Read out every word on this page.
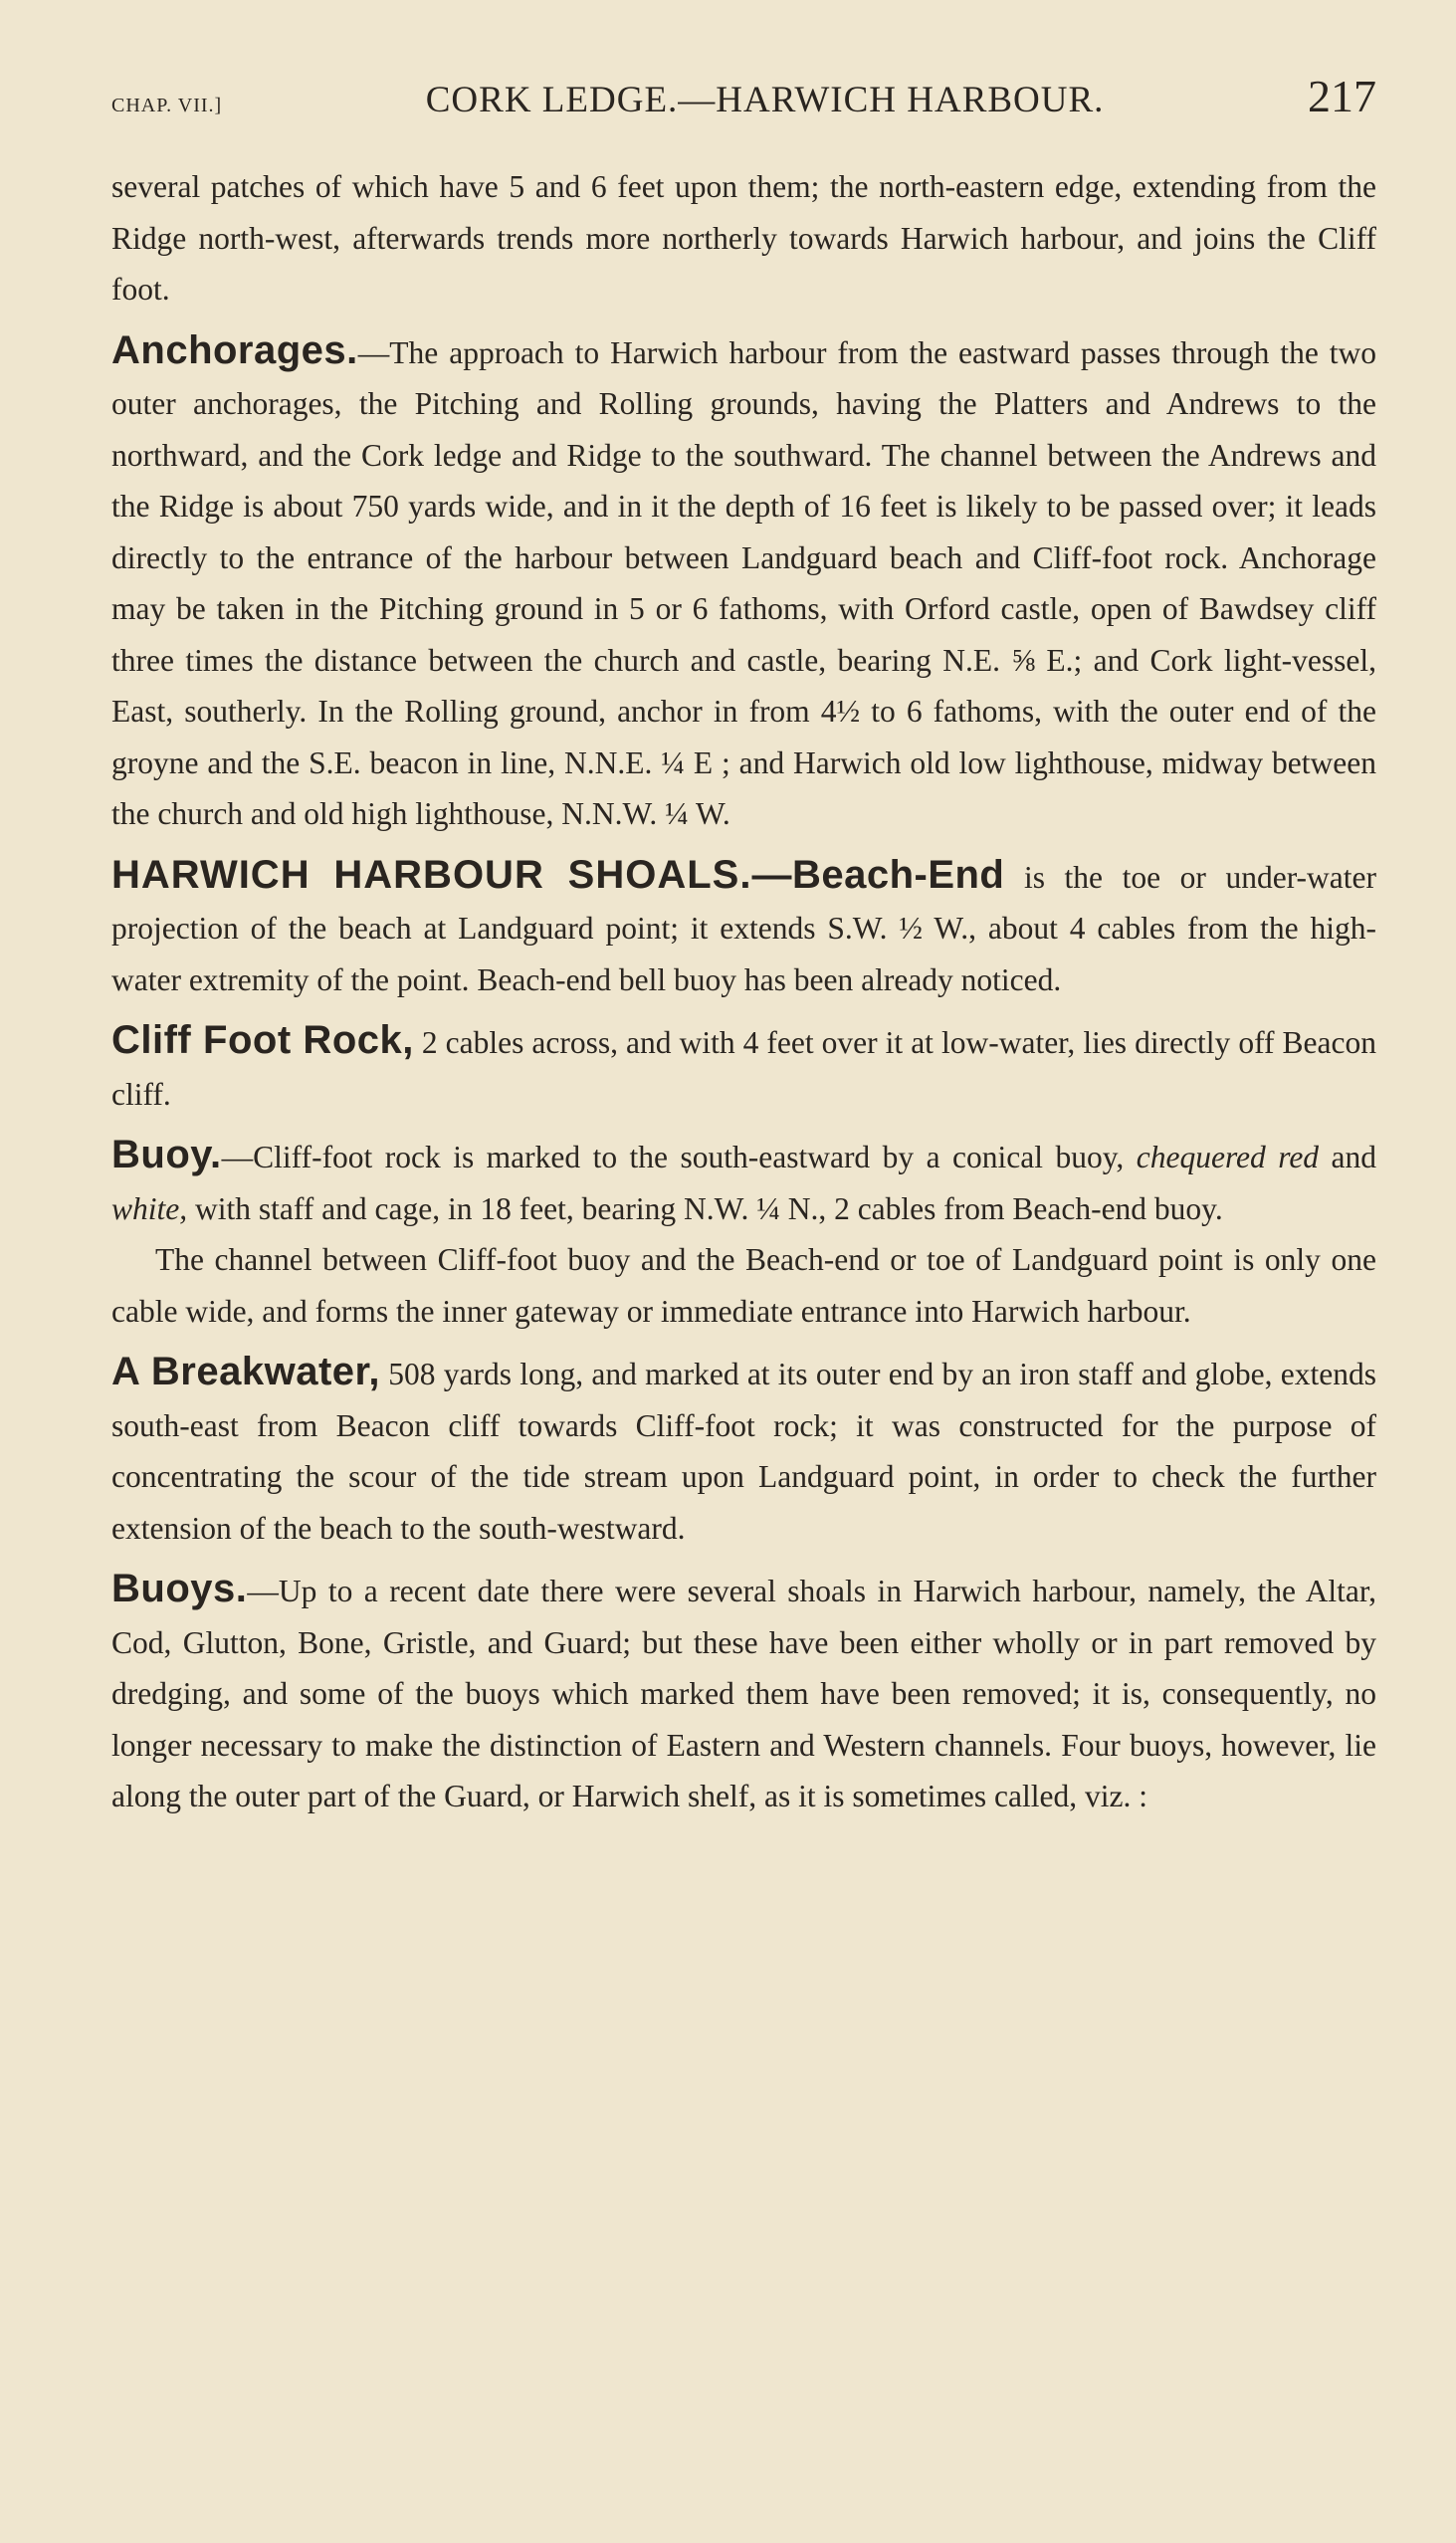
CHAP. VII.]	CORK LEDGE.—HARWICH HARBOUR.	217

several patches of which have 5 and 6 feet upon them; the north-eastern edge, extending from the Ridge north-west, afterwards trends more northerly towards Harwich harbour, and joins the Cliff foot.

Anchorages.—The approach to Harwich harbour from the eastward passes through the two outer anchorages, the Pitching and Rolling grounds, having the Platters and Andrews to the northward, and the Cork ledge and Ridge to the southward. The channel between the Andrews and the Ridge is about 750 yards wide, and in it the depth of 16 feet is likely to be passed over; it leads directly to the entrance of the harbour between Landguard beach and Cliff-foot rock. Anchorage may be taken in the Pitching ground in 5 or 6 fathoms, with Orford castle, open of Bawdsey cliff three times the distance between the church and castle, bearing N.E. ⅝ E.; and Cork light-vessel, East, southerly. In the Rolling ground, anchor in from 4½ to 6 fathoms, with the outer end of the groyne and the S.E. beacon in line, N.N.E. ¼ E ; and Harwich old low lighthouse, midway between the church and old high lighthouse, N.N.W. ¼ W.

HARWICH HARBOUR SHOALS.—Beach-End is the toe or under-water projection of the beach at Landguard point; it extends S.W. ½ W., about 4 cables from the high-water extremity of the point. Beach-end bell buoy has been already noticed.

Cliff Foot Rock, 2 cables across, and with 4 feet over it at low-water, lies directly off Beacon cliff.

Buoy.—Cliff-foot rock is marked to the south-eastward by a conical buoy, chequered red and white, with staff and cage, in 18 feet, bearing N.W. ¼ N., 2 cables from Beach-end buoy.

The channel between Cliff-foot buoy and the Beach-end or toe of Landguard point is only one cable wide, and forms the inner gateway or immediate entrance into Harwich harbour.

A Breakwater, 508 yards long, and marked at its outer end by an iron staff and globe, extends south-east from Beacon cliff towards Cliff-foot rock; it was constructed for the purpose of concentrating the scour of the tide stream upon Landguard point, in order to check the further extension of the beach to the south-westward.

Buoys.—Up to a recent date there were several shoals in Harwich harbour, namely, the Altar, Cod, Glutton, Bone, Gristle, and Guard; but these have been either wholly or in part removed by dredging, and some of the buoys which marked them have been removed; it is, consequently, no longer necessary to make the distinction of Eastern and Western channels. Four buoys, however, lie along the outer part of the Guard, or Harwich shelf, as it is sometimes called, viz. :
